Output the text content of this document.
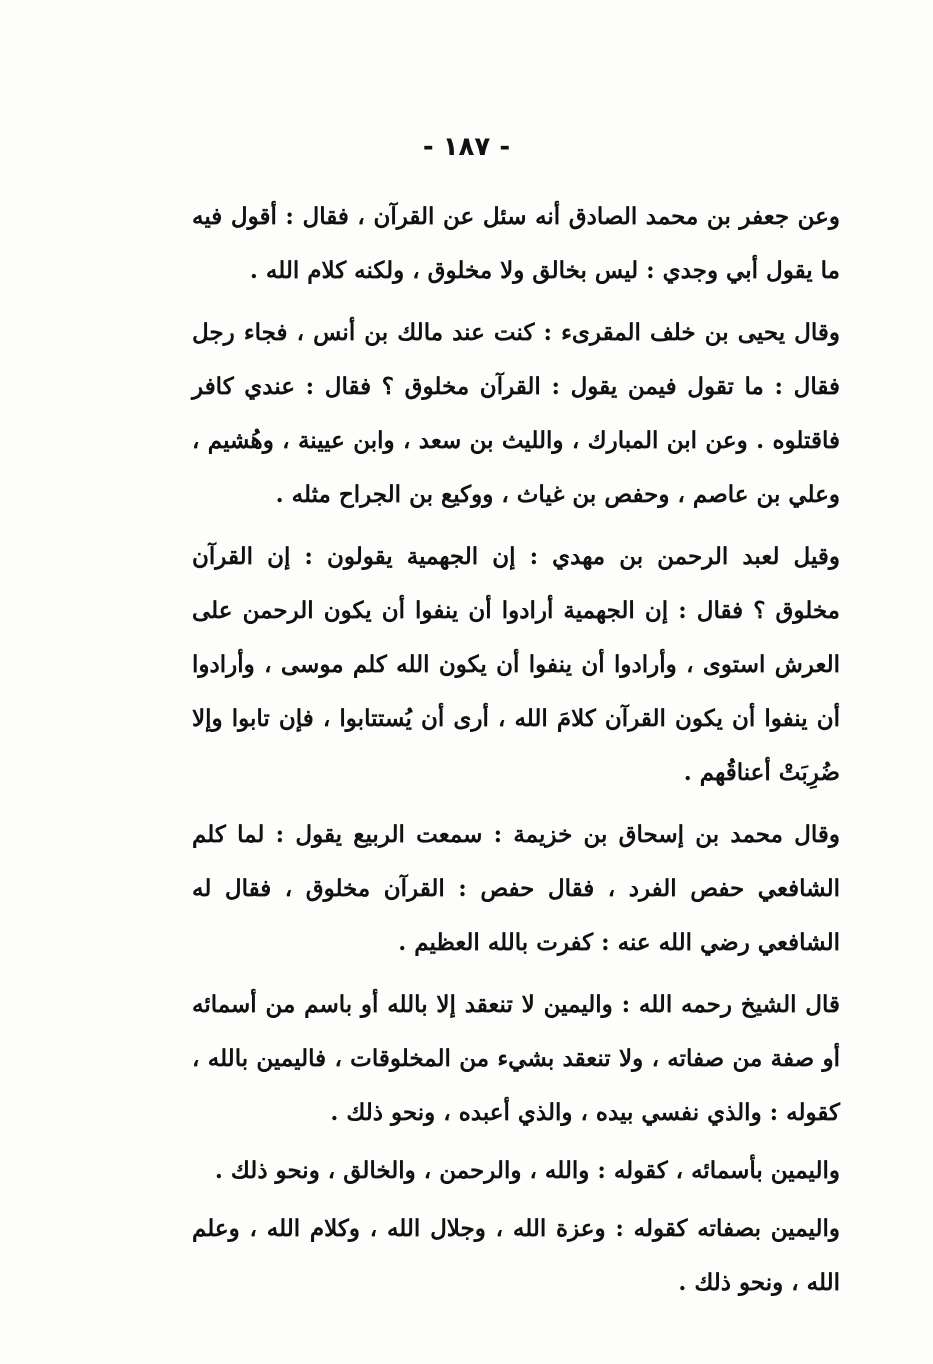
- ١٨٧ -

وعن جعفر بن محمد الصادق أنه سئل عن القرآن ، فقال : أقول فيه ما يقول أبي وجدي : ليس بخالق ولا مخلوق ، ولكنه كلام الله .

وقال يحيى بن خلف المقرىء : كنت عند مالك بن أنس ، فجاء رجل فقال : ما تقول فيمن يقول : القرآن مخلوق ؟ فقال : عندي كافر فاقتلوه . وعن ابن المبارك ، والليث بن سعد ، وابن عيينة ، وهُشيم ، وعلي بن عاصم ، وحفص بن غياث ، ووكيع بن الجراح مثله .

وقيل لعبد الرحمن بن مهدي : إن الجهمية يقولون : إن القرآن مخلوق ؟ فقال : إن الجهمية أرادوا أن ينفوا أن يكون الرحمن على العرش استوى ، وأرادوا أن ينفوا أن يكون الله كلم موسى ، وأرادوا أن ينفوا أن يكون القرآن كلامَ الله ، أرى أن يُستتابوا ، فإن تابوا وإلا ضُرِبَتْ أعناقُهم .

وقال محمد بن إسحاق بن خزيمة : سمعت الربيع يقول : لما كلم الشافعي حفص الفرد ، فقال حفص : القرآن مخلوق ، فقال له الشافعي رضي الله عنه : كفرت بالله العظيم .

قال الشيخ رحمه الله : واليمين لا تنعقد إلا بالله أو باسم من أسمائه أو صفة من صفاته ، ولا تنعقد بشيء من المخلوقات ، فاليمين بالله ، كقوله : والذي نفسي بيده ، والذي أعبده ، ونحو ذلك .

واليمين بأسمائه ، كقوله : والله ، والرحمن ، والخالق ، ونحو ذلك .

واليمين بصفاته كقوله : وعزة الله ، وجلال الله ، وكلام الله ، وعلم الله ، ونحو ذلك .
